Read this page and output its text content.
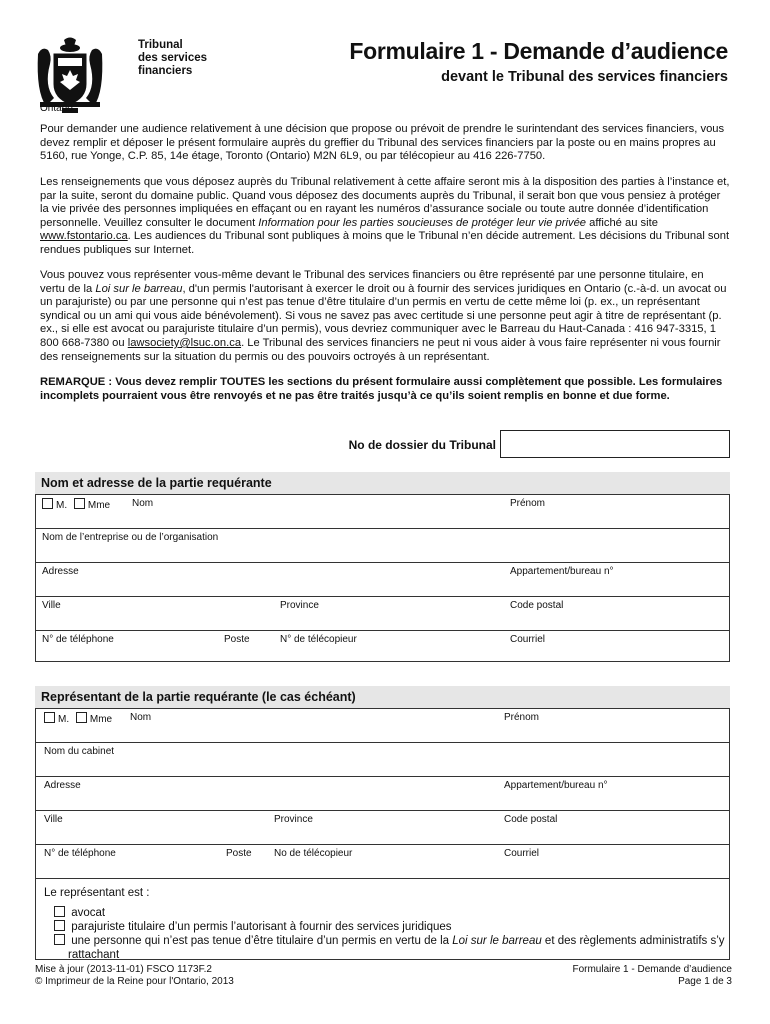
Tribunal
des services
financiers
Ontario
Formulaire 1 - Demande d’audience
devant le Tribunal des services financiers

Pour demander une audience relativement à une décision que propose ou prévoit de prendre le surintendant des services financiers, vous devez remplir et déposer le présent formulaire auprès du greffier du Tribunal des services financiers par la poste ou en mains propres au 5160, rue Yonge, C.P. 85, 14e étage, Toronto (Ontario) M2N 6L9, ou par télécopieur au 416 226-7750.

Les renseignements que vous déposez auprès du Tribunal relativement à cette affaire seront mis à la disposition des parties à l’instance et, par la suite, seront du domaine public. Quand vous déposez des documents auprès du Tribunal, il serait bon que vous pensiez à protéger la vie privée des personnes impliquées en effaçant ou en rayant les numéros d’assurance sociale ou toute autre donnée d’identification personnelle. Veuillez consulter le document Information pour les parties soucieuses de protéger leur vie privée affiché au site www.fstontario.ca. Les audiences du Tribunal sont publiques à moins que le Tribunal n’en décide autrement. Les décisions du Tribunal sont rendues publiques sur Internet.

Vous pouvez vous représenter vous-même devant le Tribunal des services financiers ou être représenté par une personne titulaire, en vertu de la Loi sur le barreau, d'un permis l'autorisant à exercer le droit ou à fournir des services juridiques en Ontario (c.-à-d. un avocat ou un parajuriste) ou par une personne qui n’est pas tenue d’être titulaire d’un permis en vertu de cette même loi (p. ex., un représentant syndical ou un ami qui vous aide bénévolement). Si vous ne savez pas avec certitude si une personne peut agir à titre de représentant (p. ex., si elle est avocat ou parajuriste titulaire d’un permis), vous devriez communiquer avec le Barreau du Haut-Canada : 416 947-3315, 1 800 668-7380 ou lawsociety@lsuc.on.ca. Le Tribunal des services financiers ne peut ni vous aider à vous faire représenter ni vous fournir des renseignements sur la situation du permis ou des pouvoirs octroyés à un représentant.

REMARQUE : Vous devez remplir TOUTES les sections du présent formulaire aussi complètement que possible. Les formulaires incomplets pourraient vous être renvoyés et ne pas être traités jusqu’à ce qu’ils soient remplis en bonne et due forme.

No de dossier du Tribunal
Nom et adresse de la partie requérante
M. Mme Nom	Prénom
Nom de l’entreprise ou de l’organisation
Adresse	Appartement/bureau n°
Ville	Province	Code postal
N° de téléphone	Poste	N° de télécopieur	Courriel
Représentant de la partie requérante (le cas échéant)
M. Mme Nom	Prénom
Nom du cabinet
Adresse	Appartement/bureau n°
Ville	Province	Code postal
N° de téléphone	Poste No de télécopieur	Courriel
Le représentant est :
avocat
parajuriste titulaire d’un permis l’autorisant à fournir des services juridiques
une personne qui n’est pas tenue d’être titulaire d’un permis en vertu de la Loi sur le barreau et des règlements administratifs s’y rattachant
Mise à jour (2013-11-01) FSCO 1173F.2
© Imprimeur de la Reine pour l'Ontario, 2013
Formulaire 1 - Demande d’audience
Page 1 de 3
